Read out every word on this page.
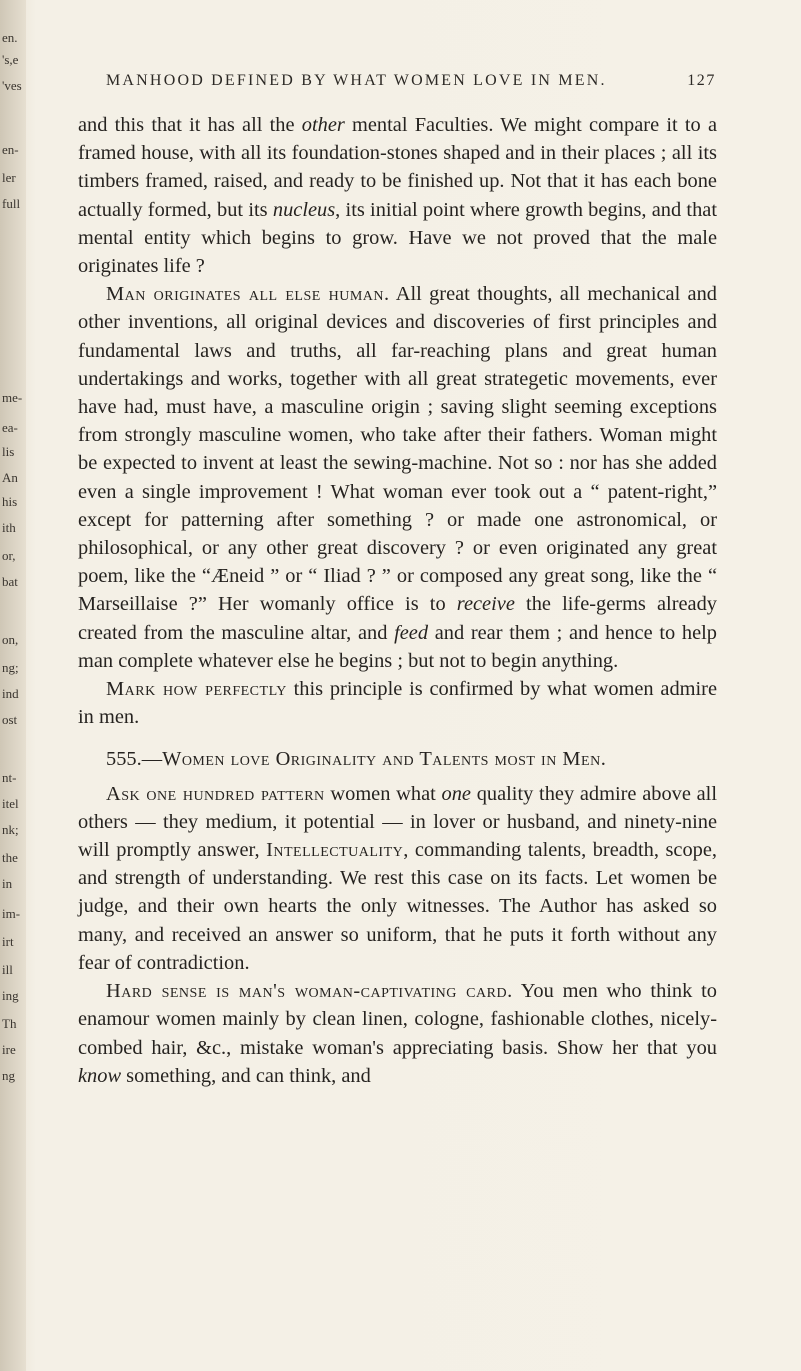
en.
's,e
'ves
en-
ler
full
me-
ea-
lis
An
his
ith
or,
bat
on,
ng;
ind
ost
nt-
itel
nk;
the
in
im-
irt
ill
ing
Th
ire
ng
MANHOOD DEFINED BY WHAT WOMEN LOVE IN MEN.	127

and this that it has all the other mental Faculties. We might compare it to a framed house, with all its foundation-stones shaped and in their places ; all its timbers framed, raised, and ready to be finished up. Not that it has each bone actually formed, but its nucleus, its initial point where growth begins, and that mental entity which begins to grow. Have we not proved that the male originates life ?

Man originates all else human. All great thoughts, all mechanical and other inventions, all original devices and discoveries of first principles and fundamental laws and truths, all far-reaching plans and great human undertakings and works, together with all great strategetic movements, ever have had, must have, a masculine origin ; saving slight seeming exceptions from strongly masculine women, who take after their fathers. Woman might be expected to invent at least the sewing-machine. Not so : nor has she added even a single improvement ! What woman ever took out a “ patent-right,” except for patterning after something ? or made one astronomical, or philosophical, or any other great discovery ? or even originated any great poem, like the “Æneid ” or “ Iliad ? ” or composed any great song, like the “ Marseillaise ?” Her womanly office is to receive the life-germs already created from the masculine altar, and feed and rear them ; and hence to help man complete whatever else he begins ; but not to begin anything.

Mark how perfectly this principle is confirmed by what women admire in men.

555.—Women love Originality and Talents most in Men.

Ask one hundred pattern women what one quality they admire above all others — they medium, it potential — in lover or husband, and ninety-nine will promptly answer, Intellectuality, commanding talents, breadth, scope, and strength of understanding. We rest this case on its facts. Let women be judge, and their own hearts the only witnesses. The Author has asked so many, and received an answer so uniform, that he puts it forth without any fear of contradiction.

Hard sense is man's woman-captivating card. You men who think to enamour women mainly by clean linen, cologne, fashionable clothes, nicely-combed hair, &c., mistake woman's appreciating basis. Show her that you know something, and can think, and
